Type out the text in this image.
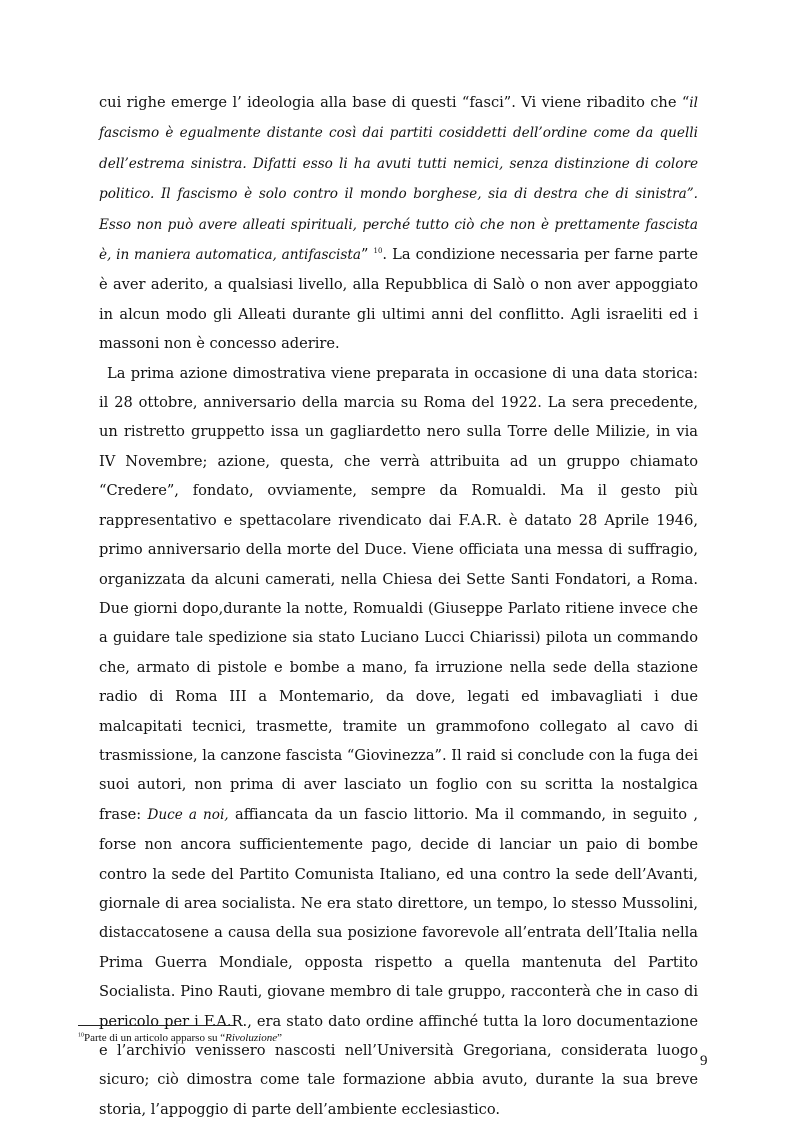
cui righe emerge l’ ideologia alla base di questi “fasci”. Vi viene ribadito che “il fascismo è egualmente distante così dai partiti cosiddetti dell’ordine come da quelli dell’estrema sinistra. Difatti esso li ha avuti tutti nemici, senza distinzione di colore politico. Il fascismo è solo contro il mondo borghese, sia di destra che di sinistra”. Esso non può avere alleati spirituali, perché tutto ciò che non è prettamente fascista è, in maniera automatica, antifascista” $^{10}$. La condizione necessaria per farne parte è aver aderito, a qualsiasi livello, alla Repubblica di Salò o non aver appoggiato in alcun modo gli Alleati durante gli ultimi anni del conflitto. Agli israeliti ed i massoni non è concesso aderire.

La prima azione dimostrativa viene preparata in occasione di una data storica: il 28 ottobre, anniversario della marcia su Roma del 1922. La sera precedente, un ristretto gruppetto issa un gagliardetto nero sulla Torre delle Milizie, in via IV Novembre; azione, questa, che verrà attribuita ad un gruppo chiamato “Credere”, fondato, ovviamente, sempre da Romualdi. Ma il gesto più rappresentativo e spettacolare rivendicato dai F.A.R. è datato 28 Aprile 1946, primo anniversario della morte del Duce. Viene officiata una messa di suffragio, organizzata da alcuni camerati, nella Chiesa dei Sette Santi Fondatori, a Roma. Due giorni dopo,durante la notte, Romualdi (Giuseppe Parlato ritiene invece che a guidare tale spedizione sia stato Luciano Lucci Chiarissi) pilota un commando che, armato di pistole e bombe a mano, fa irruzione nella sede della stazione radio di Roma III a Montemario, da dove, legati ed imbavagliati i due malcapitati tecnici, trasmette, tramite un grammofono collegato al cavo di trasmissione, la canzone fascista “Giovinezza”. Il raid si conclude con la fuga dei suoi autori, non prima di aver lasciato un foglio con su scritta la nostalgica frase: Duce a noi, affiancata da un fascio littorio. Ma il commando, in seguito , forse non ancora sufficientemente pago, decide di lanciar un paio di bombe contro la sede del Partito Comunista Italiano, ed una contro la sede dell’Avanti, giornale di area socialista. Ne era stato direttore, un tempo, lo stesso Mussolini, distaccatosene a causa della sua posizione favorevole all’entrata dell’Italia nella Prima Guerra Mondiale, opposta rispetto a quella mantenuta del Partito Socialista. Pino Rauti, giovane membro di tale gruppo, racconterà che in caso di pericolo per i F.A.R., era stato dato ordine affinché tutta la loro documentazione e l’archivio venissero nascosti nell’Università Gregoriana, considerata luogo sicuro; ciò dimostra come tale formazione abbia avuto, durante la sua breve storia, l’appoggio di parte dell’ambiente ecclesiastico.

$^{10}$Parte di un articolo apparso su “Rivoluzione”
9
